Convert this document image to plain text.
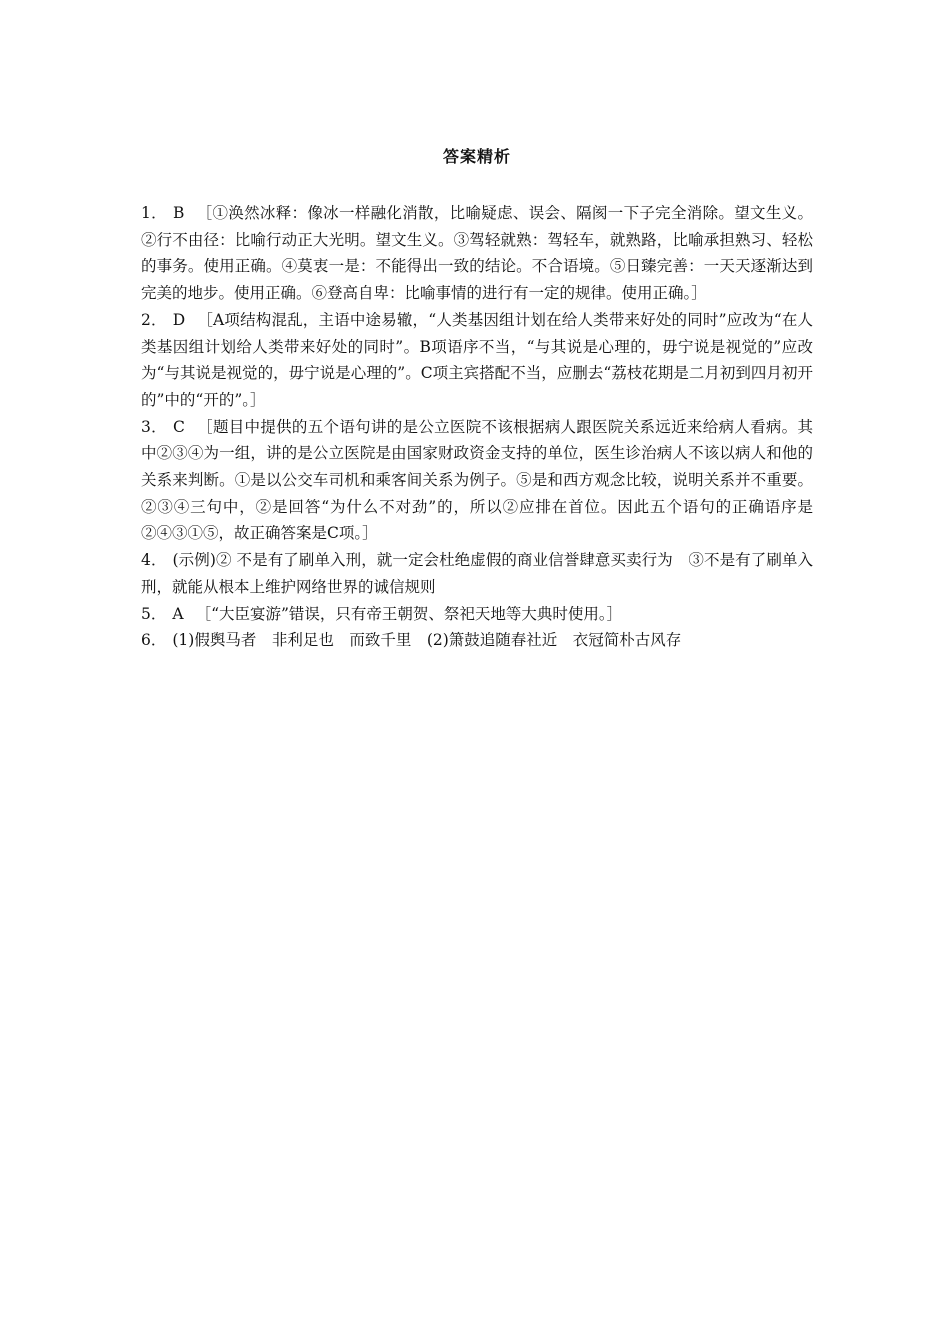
答案精析

1． B ［①涣然冰释：像冰一样融化消散，比喻疑虑、误会、隔阂一下子完全消除。望文生义。②行不由径：比喻行动正大光明。望文生义。③驾轻就熟：驾轻车，就熟路，比喻承担熟习、轻松的事务。使用正确。④莫衷一是：不能得出一致的结论。不合语境。⑤日臻完善：一天天逐渐达到完美的地步。使用正确。⑥登高自卑：比喻事情的进行有一定的规律。使用正确。］

2． D ［A项结构混乱，主语中途易辙，“人类基因组计划在给人类带来好处的同时”应改为“在人类基因组计划给人类带来好处的同时”。B项语序不当，“与其说是心理的，毋宁说是视觉的”应改为“与其说是视觉的，毋宁说是心理的”。C项主宾搭配不当，应删去“荔枝花期是二月初到四月初开的”中的“开的”。］

3． C ［题目中提供的五个语句讲的是公立医院不该根据病人跟医院关系远近来给病人看病。其中②③④为一组，讲的是公立医院是由国家财政资金支持的单位，医生诊治病人不该以病人和他的关系来判断。①是以公交车司机和乘客间关系为例子。⑤是和西方观念比较，说明关系并不重要。②③④三句中，②是回答“为什么不对劲”的，所以②应排在首位。因此五个语句的正确语序是②④③①⑤，故正确答案是C项。］

4． (示例)② 不是有了刷单入刑，就一定会杜绝虚假的商业信誉肆意买卖行为　③不是有了刷单入刑，就能从根本上维护网络世界的诚信规则

5． A ［“大臣宴游”错误，只有帝王朝贺、祭祀天地等大典时使用。］

6． (1)假舆马者　非利足也　而致千里　(2)箫鼓追随春社近　衣冠简朴古风存
